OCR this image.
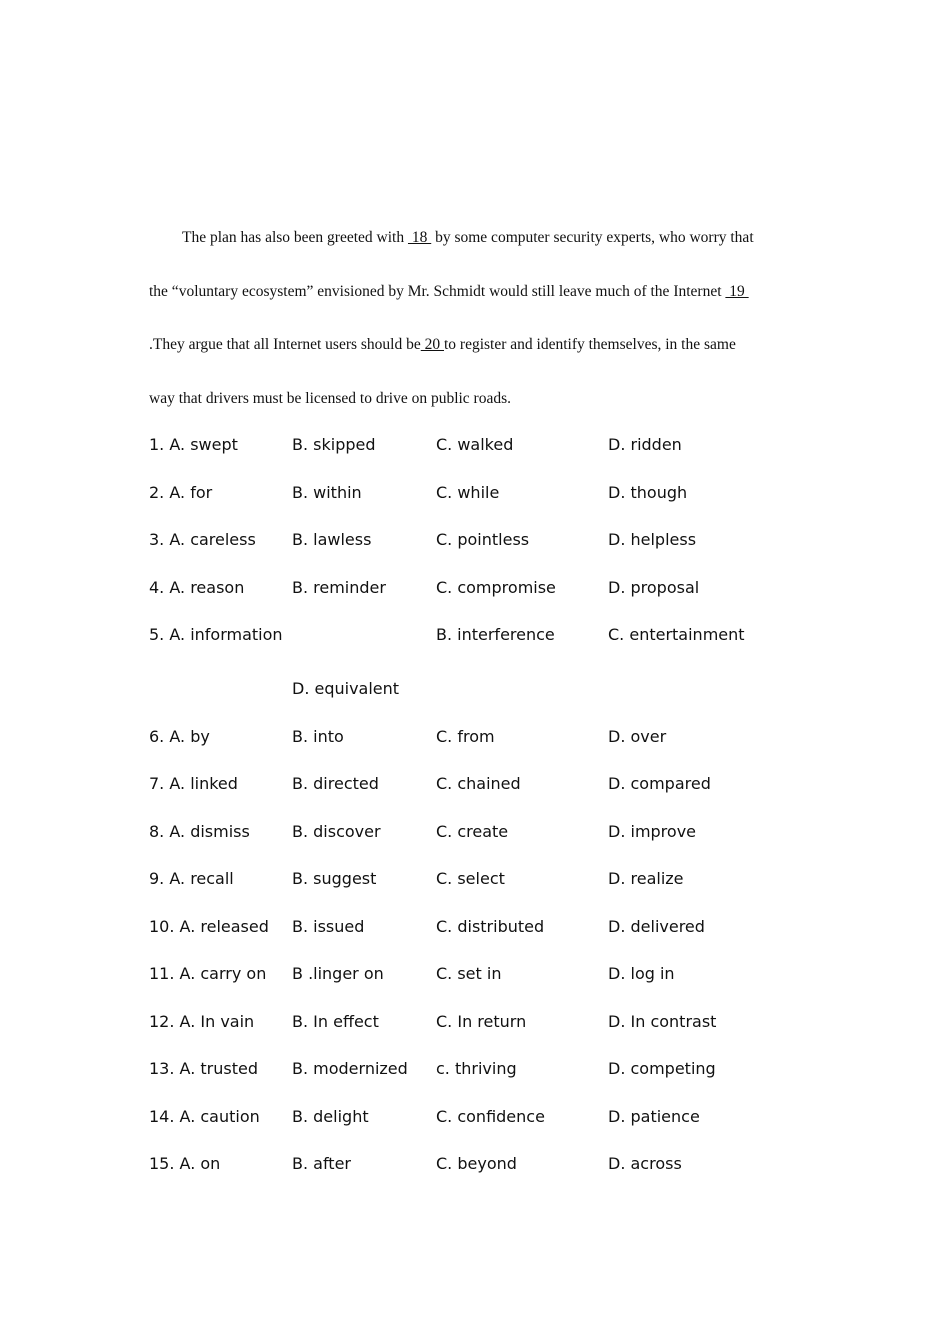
The plan has also been greeted with  18  by some computer security experts, who worry that
the “voluntary ecosystem” envisioned by Mr. Schmidt would still leave much of the Internet  19
.They argue that all Internet users should be 20 to register and identify themselves, in the same
way that drivers must be licensed to drive on public roads.
1. A. swept	B. skipped	C. walked	D. ridden
2. A. for	B. within	C. while	D. though
3. A. careless B. lawless	C. pointless	D. helpless
4. A. reason	B. reminder	C. compromise	D. proposal
5. A. information	B. interference	C. entertainment
D. equivalent
6. A. by	B. into	C. from	D. over
7. A. linked	B. directed	C. chained	D. compared
8. A. dismiss	B. discover	C. create	D. improve
9. A. recall	B. suggest	C. select	D. realize
10. A. released B. issued	C. distributed	D. delivered
11. A. carry on B .linger on	C. set in	D. log in
12. A. In vain B. In effect	C. In return	D. In contrast
13. A. trusted B. modernized c. thriving	D. competing
14. A. caution B. delight	C. confidence	D. patience
15. A. on	B. after	C. beyond	D. across
